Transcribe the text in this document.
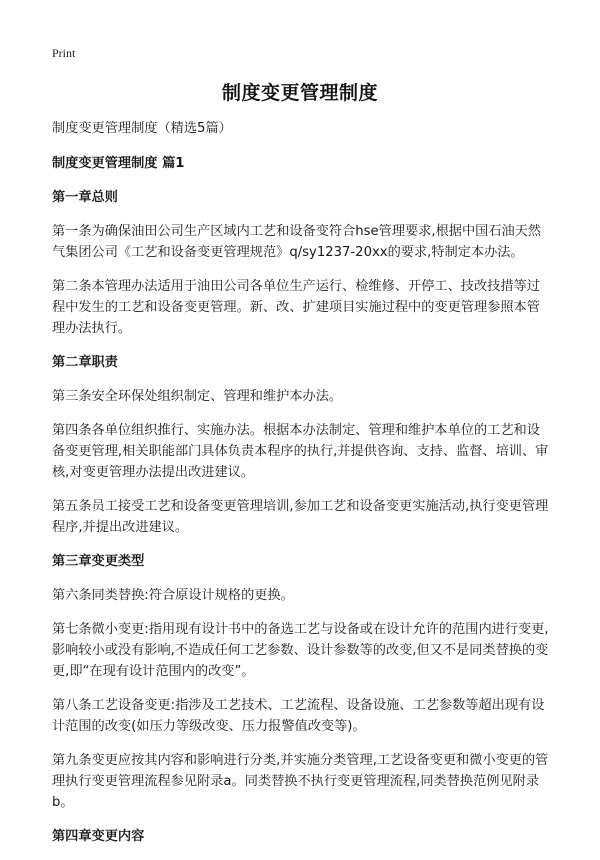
Print
制度变更管理制度

制度变更管理制度（精选5篇）

制度变更管理制度 篇1

第一章总则

第一条为确保油田公司生产区域内工艺和设备变符合hse管理要求,根据中国石油天然气集团公司《工艺和设备变更管理规范》q/sy1237-20xx的要求,特制定本办法。

第二条本管理办法适用于油田公司各单位生产运行、检维修、开停工、技改技措等过程中发生的工艺和设备变更管理。新、改、扩建项目实施过程中的变更管理参照本管理办法执行。

第二章职责

第三条安全环保处组织制定、管理和维护本办法。

第四条各单位组织推行、实施办法。根据本办法制定、管理和维护本单位的工艺和设备变更管理,相关职能部门具体负责本程序的执行,并提供咨询、支持、监督、培训、审核,对变更管理办法提出改进建议。

第五条员工接受工艺和设备变更管理培训,参加工艺和设备变更实施活动,执行变更管理程序,并提出改进建议。

第三章变更类型

第六条同类替换:符合原设计规格的更换。

第七条微小变更:指用现有设计书中的备选工艺与设备或在设计允许的范围内进行变更,影响较小或没有影响,不造成任何工艺参数、设计参数等的改变,但又不是同类替换的变更,即“在现有设计范围内的改变”。

第八条工艺设备变更:指涉及工艺技术、工艺流程、设备设施、工艺参数等超出现有设计范围的改变(如压力等级改变、压力报警值改变等)。

第九条变更应按其内容和影响进行分类,并实施分类管理,工艺设备变更和微小变更的管理执行变更管理流程参见附录a。同类替换不执行变更管理流程,同类替换范例见附录b。

第四章变更内容
